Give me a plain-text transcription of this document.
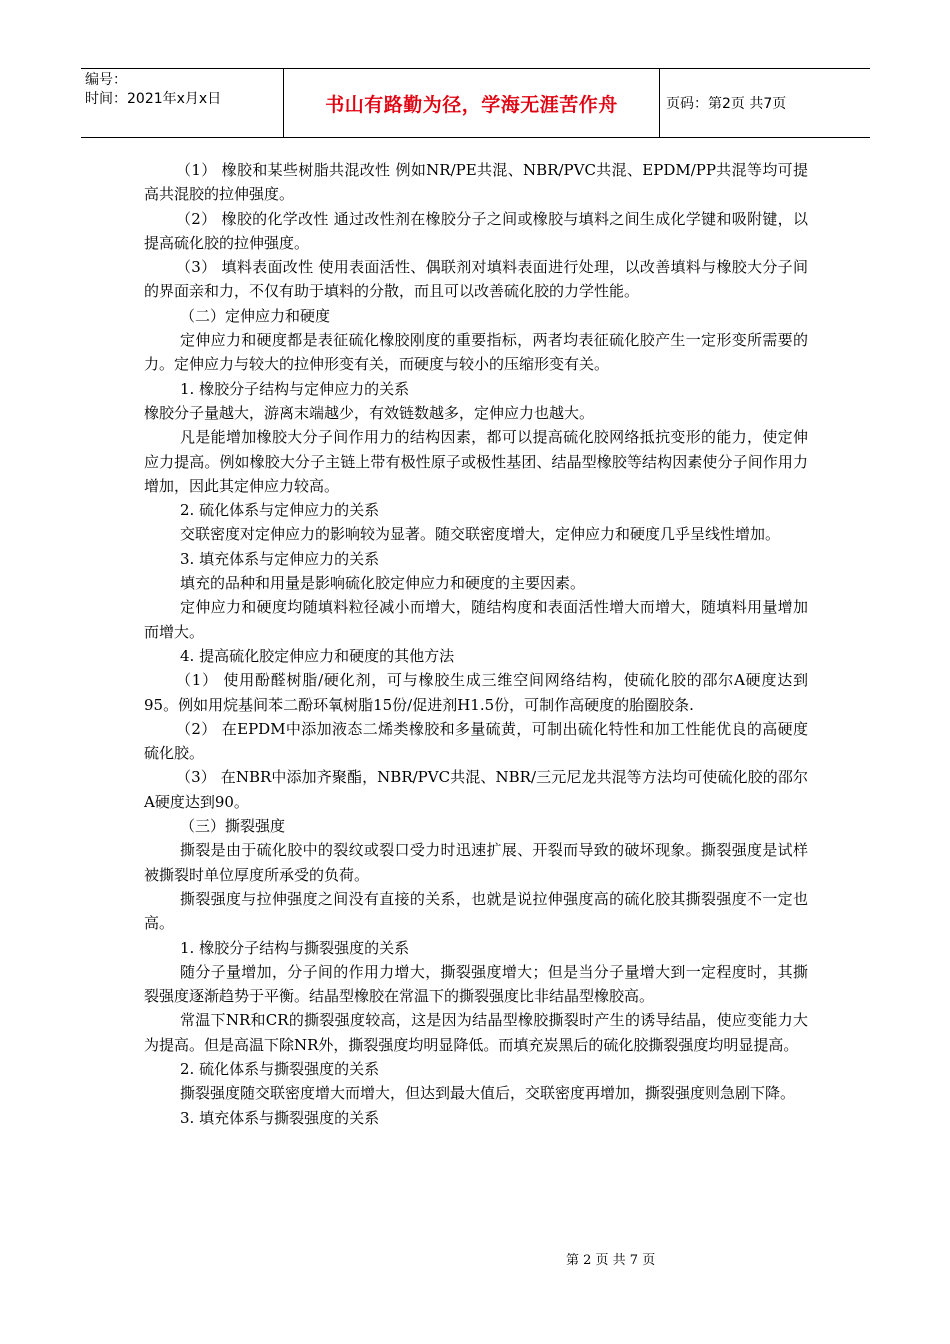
编号：
时间：2021年x月x日	书山有路勤为径，学海无涯苦作舟	页码：第2页 共7页

（1） 橡胶和某些树脂共混改性 例如NR/PE共混、NBR/PVC共混、EPDM/PP共混等均可提高共混胶的拉伸强度。

（2） 橡胶的化学改性 通过改性剂在橡胶分子之间或橡胶与填料之间生成化学键和吸附键，以提高硫化胶的拉伸强度。

（3） 填料表面改性 使用表面活性、偶联剂对填料表面进行处理，以改善填料与橡胶大分子间的界面亲和力，不仅有助于填料的分散，而且可以改善硫化胶的力学性能。

（二）定伸应力和硬度

定伸应力和硬度都是表征硫化橡胶刚度的重要指标，两者均表征硫化胶产生一定形变所需要的力。定伸应力与较大的拉伸形变有关，而硬度与较小的压缩形变有关。

1. 橡胶分子结构与定伸应力的关系

橡胶分子量越大，游离末端越少，有效链数越多，定伸应力也越大。

凡是能增加橡胶大分子间作用力的结构因素，都可以提高硫化胶网络抵抗变形的能力，使定伸应力提高。例如橡胶大分子主链上带有极性原子或极性基团、结晶型橡胶等结构因素使分子间作用力增加，因此其定伸应力较高。

2. 硫化体系与定伸应力的关系

交联密度对定伸应力的影响较为显著。随交联密度增大，定伸应力和硬度几乎呈线性增加。

3. 填充体系与定伸应力的关系

填充的品种和用量是影响硫化胶定伸应力和硬度的主要因素。

定伸应力和硬度均随填料粒径减小而增大，随结构度和表面活性增大而增大，随填料用量增加而增大。

4. 提高硫化胶定伸应力和硬度的其他方法

（1） 使用酚醛树脂/硬化剂，可与橡胶生成三维空间网络结构，使硫化胶的邵尔A硬度达到95。例如用烷基间苯二酚环氧树脂15份/促进剂H1.5份，可制作高硬度的胎圈胶条.

（2） 在EPDM中添加液态二烯类橡胶和多量硫黄，可制出硫化特性和加工性能优良的高硬度硫化胶。

（3） 在NBR中添加齐聚酯，NBR/PVC共混、NBR/三元尼龙共混等方法均可使硫化胶的邵尔A硬度达到90。

（三）撕裂强度

撕裂是由于硫化胶中的裂纹或裂口受力时迅速扩展、开裂而导致的破坏现象。撕裂强度是试样被撕裂时单位厚度所承受的负荷。

撕裂强度与拉伸强度之间没有直接的关系，也就是说拉伸强度高的硫化胶其撕裂强度不一定也高。

1. 橡胶分子结构与撕裂强度的关系

随分子量增加，分子间的作用力增大，撕裂强度增大；但是当分子量增大到一定程度时，其撕裂强度逐渐趋势于平衡。结晶型橡胶在常温下的撕裂强度比非结晶型橡胶高。

常温下NR和CR的撕裂强度较高，这是因为结晶型橡胶撕裂时产生的诱导结晶，使应变能力大为提高。但是高温下除NR外，撕裂强度均明显降低。而填充炭黑后的硫化胶撕裂强度均明显提高。

2. 硫化体系与撕裂强度的关系

撕裂强度随交联密度增大而增大，但达到最大值后，交联密度再增加，撕裂强度则急剧下降。

3. 填充体系与撕裂强度的关系

第 2 页 共 7 页
